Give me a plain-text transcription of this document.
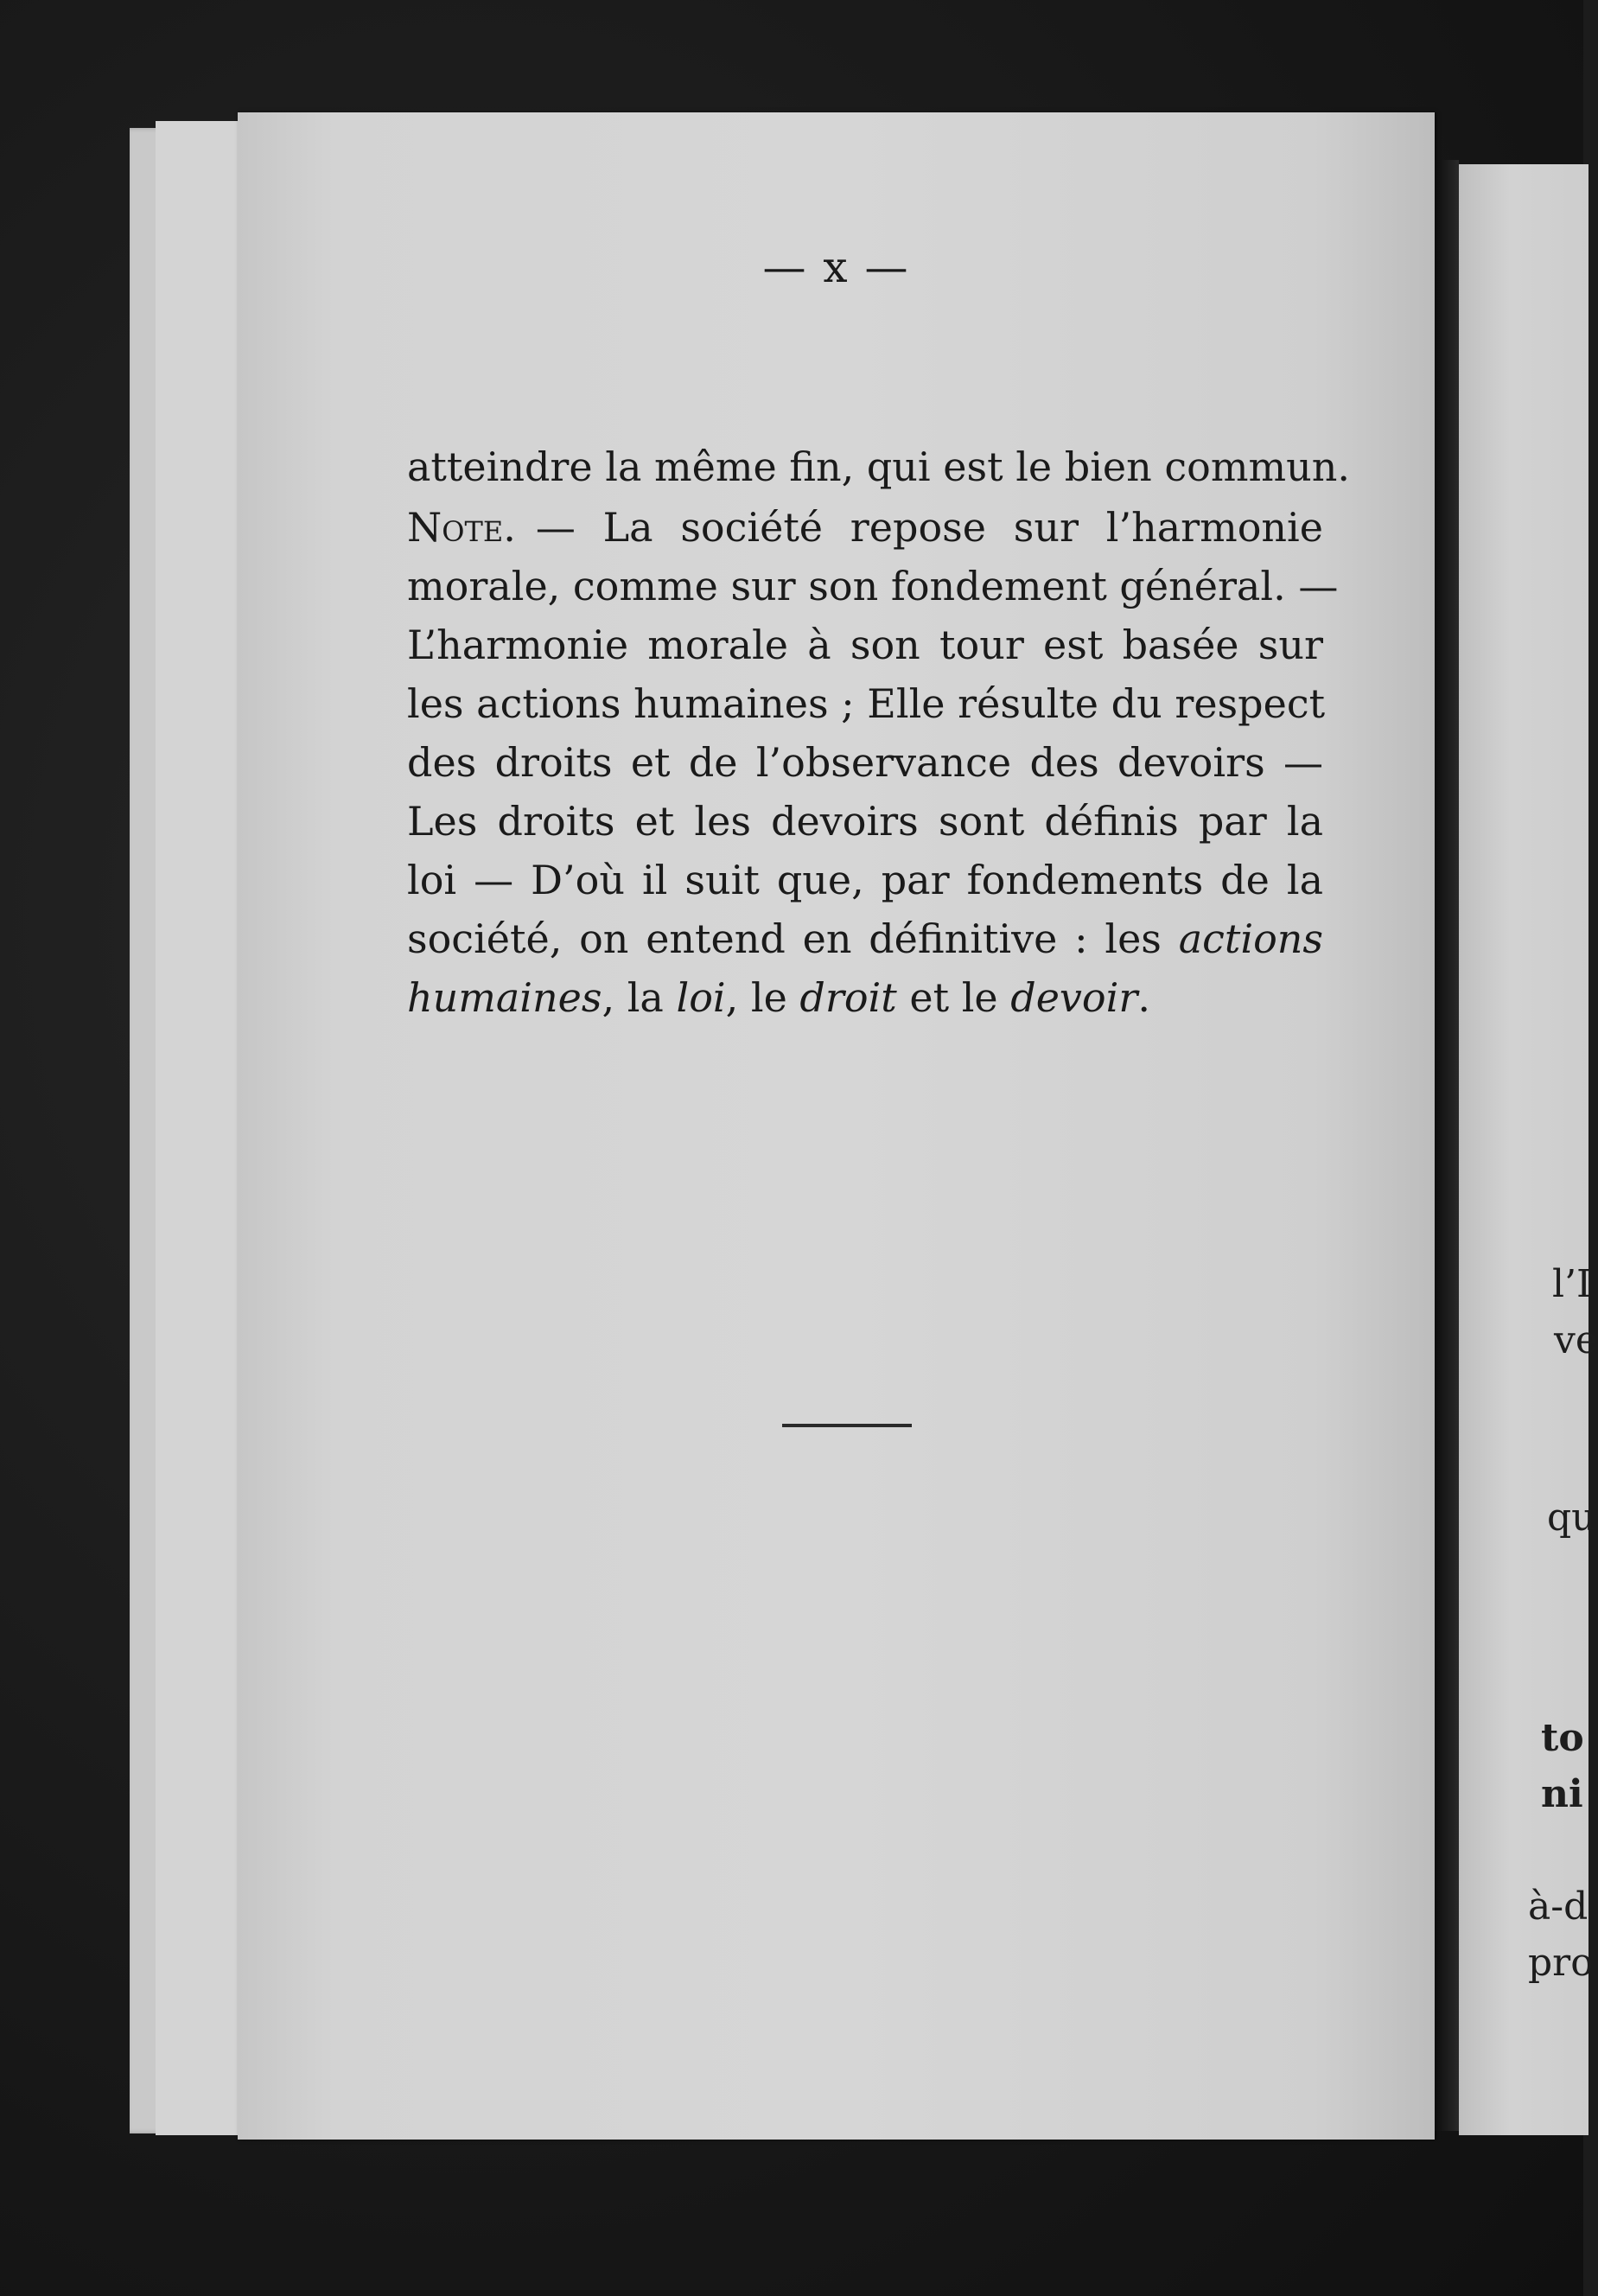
— x —
atteindre la même fin, qui est le bien commun.
Note.  — La société repose sur l’harmonie
morale, comme sur son fondement général. —
L’harmonie morale à son tour est basée sur
les actions humaines ; Elle résulte du respect
des droits et de l’observance des devoirs —
Les droits et les devoirs sont définis par la
loi — D’où il suit que, par fondements de la
société, on entend en définitive : les actions
humaines, la loi, le droit et le devoir.
l’I
ve
qu
to
ni
à-d
pro
